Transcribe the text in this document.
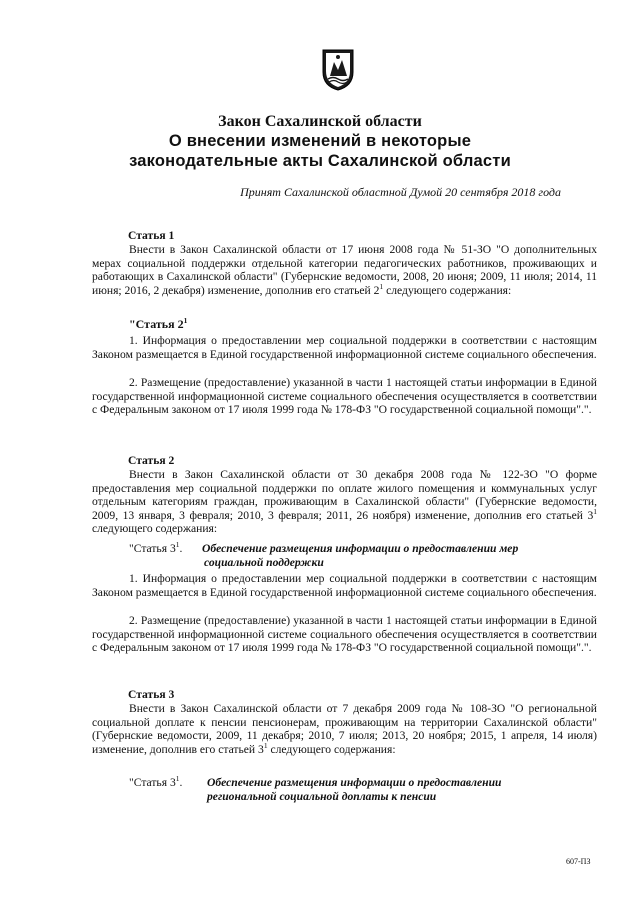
Закон Сахалинской области
О внесении изменений в некоторые
законодательные акты Сахалинской области
Принят Сахалинской областной Думой 20 сентября 2018 года
Статья 1

Внести в Закон Сахалинской области от 17 июня 2008 года № 51-ЗО "О дополнительных мерах социальной поддержки отдельной категории педагогических работников, проживающих и работающих в Сахалинской области" (Губернские ведомости, 2008, 20 июня; 2009, 11 июля; 2014, 11 июня; 2016, 2 декабря) изменение, дополнив его статьей $2^1$ следующего содержания:

"Статья $2^1$

1. Информация о предоставлении мер социальной поддержки в соответствии с настоящим Законом размещается в Единой государственной информационной системе социального обеспечения.

2. Размещение (предоставление) указанной в части 1 настоящей статьи информации в Единой государственной информационной системе социального обеспечения осуществляется в соответствии с Федеральным законом от 17 июля 1999 года № 178-ФЗ "О государственной социальной помощи".".

Статья 2

Внести в Закон Сахалинской области от 30 декабря 2008 года № 122-ЗО "О форме предоставления мер социальной поддержки по оплате жилого помещения и коммунальных услуг отдельным категориям граждан, проживающим в Сахалинской области" (Губернские ведомости, 2009, 13 января, 3 февраля; 2010, 3 февраля; 2011, 26 ноября) изменение, дополнив его статьей $3^1$ следующего содержания:

"Статья $3^1$. Обеспечение размещения информации о предоставлении мер
социальной поддержки

1. Информация о предоставлении мер социальной поддержки в соответствии с настоящим Законом размещается в Единой государственной информационной системе социального обеспечения.

2. Размещение (предоставление) указанной в части 1 настоящей статьи информации в Единой государственной информационной системе социального обеспечения осуществляется в соответствии с Федеральным законом от 17 июля 1999 года № 178-ФЗ "О государственной социальной помощи".".

Статья 3

Внести в Закон Сахалинской области от 7 декабря 2009 года № 108-ЗО "О региональной социальной доплате к пенсии пенсионерам, проживающим на территории Сахалинской области" (Губернские ведомости, 2009, 11 декабря; 2010, 7 июля; 2013, 20 ноября; 2015, 1 апреля, 14 июля) изменение, дополнив его статьей $3^1$ следующего содержания:

"Статья $3^1$. Обеспечение размещения информации о предоставлении
региональной социальной доплаты к пенсии
607-ПЗ
